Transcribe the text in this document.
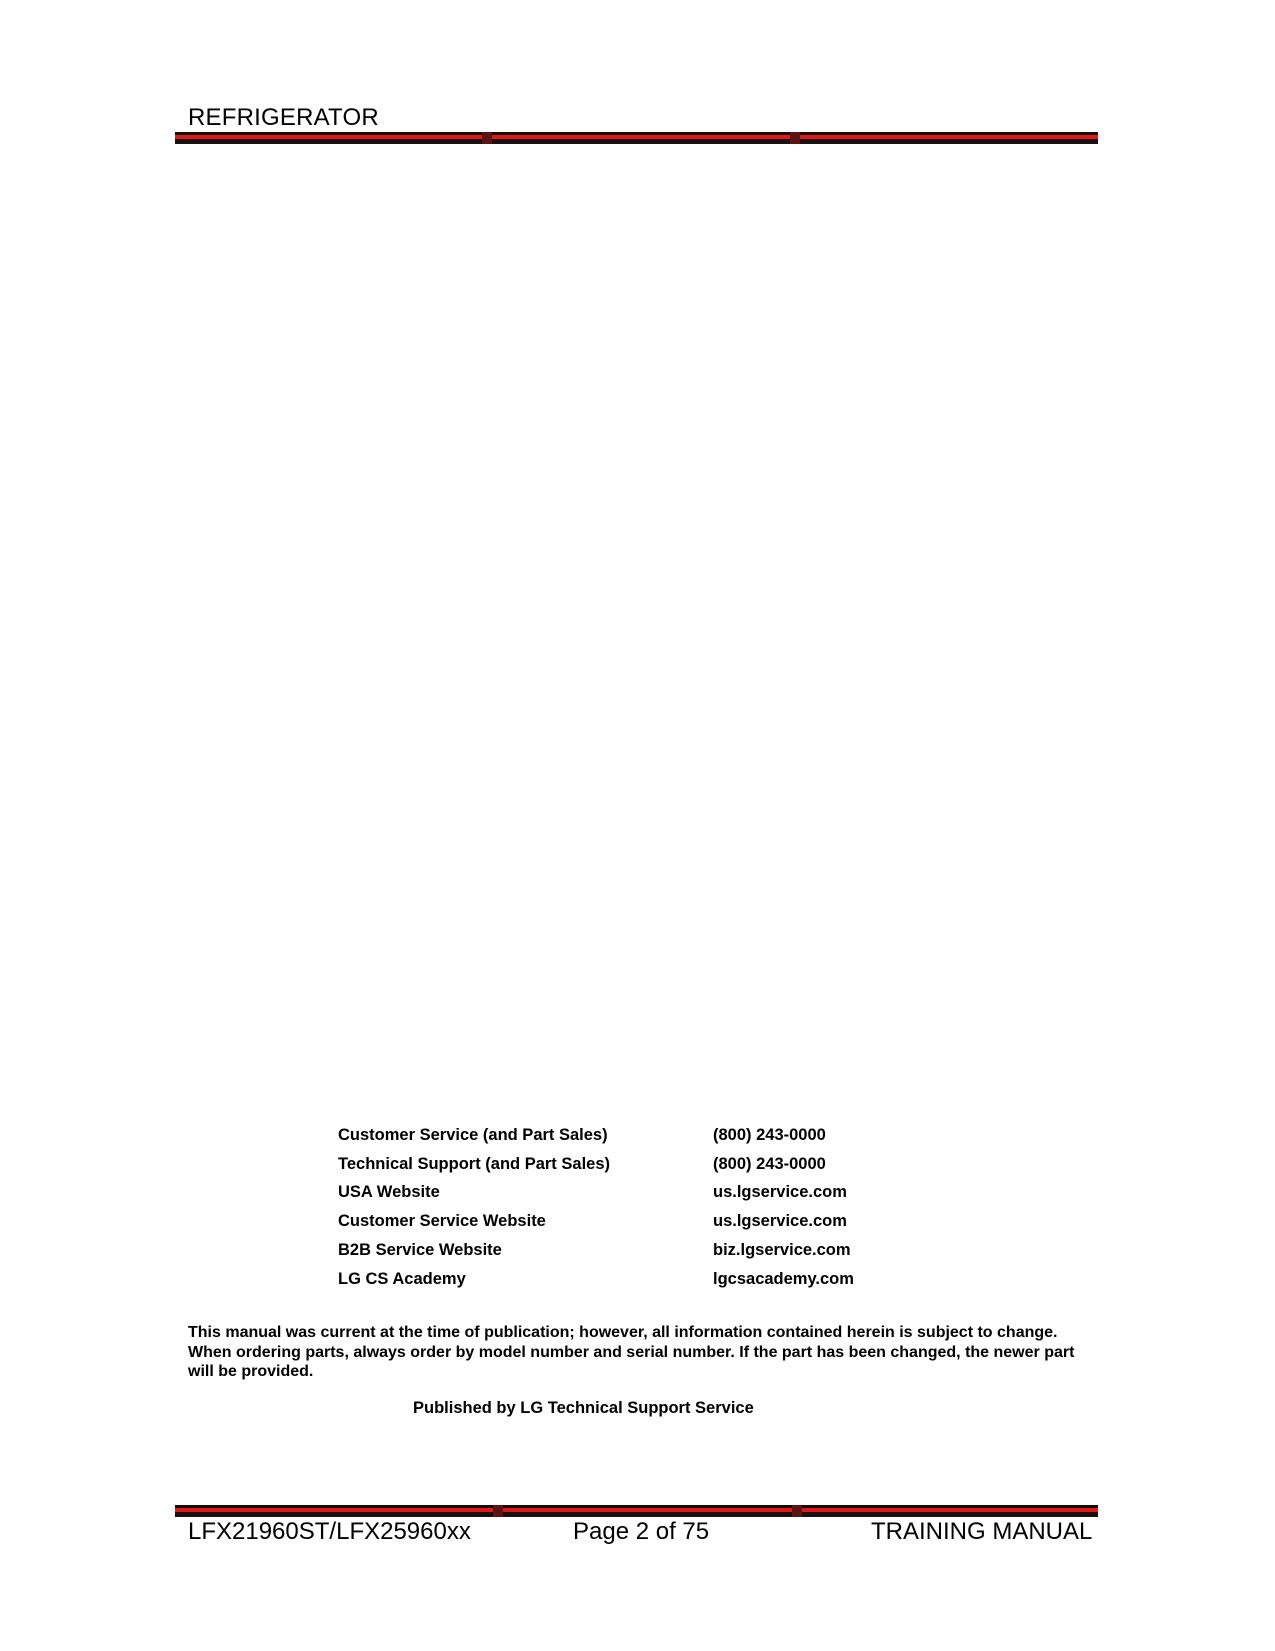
REFRIGERATOR
Customer Service (and Part Sales)	(800) 243-0000
Technical Support (and Part Sales)	(800) 243-0000
USA Website	us.lgservice.com
Customer Service Website	us.lgservice.com
B2B Service Website	biz.lgservice.com
LG CS Academy	lgcsacademy.com
This manual was current at the time of publication; however, all information contained herein is subject to change. When ordering parts, always order by model number and serial number. If the part has been changed, the newer part will be provided.
Published by LG Technical Support Service
LFX21960ST/LFX25960xx	Page 2 of 75	TRAINING MANUAL
